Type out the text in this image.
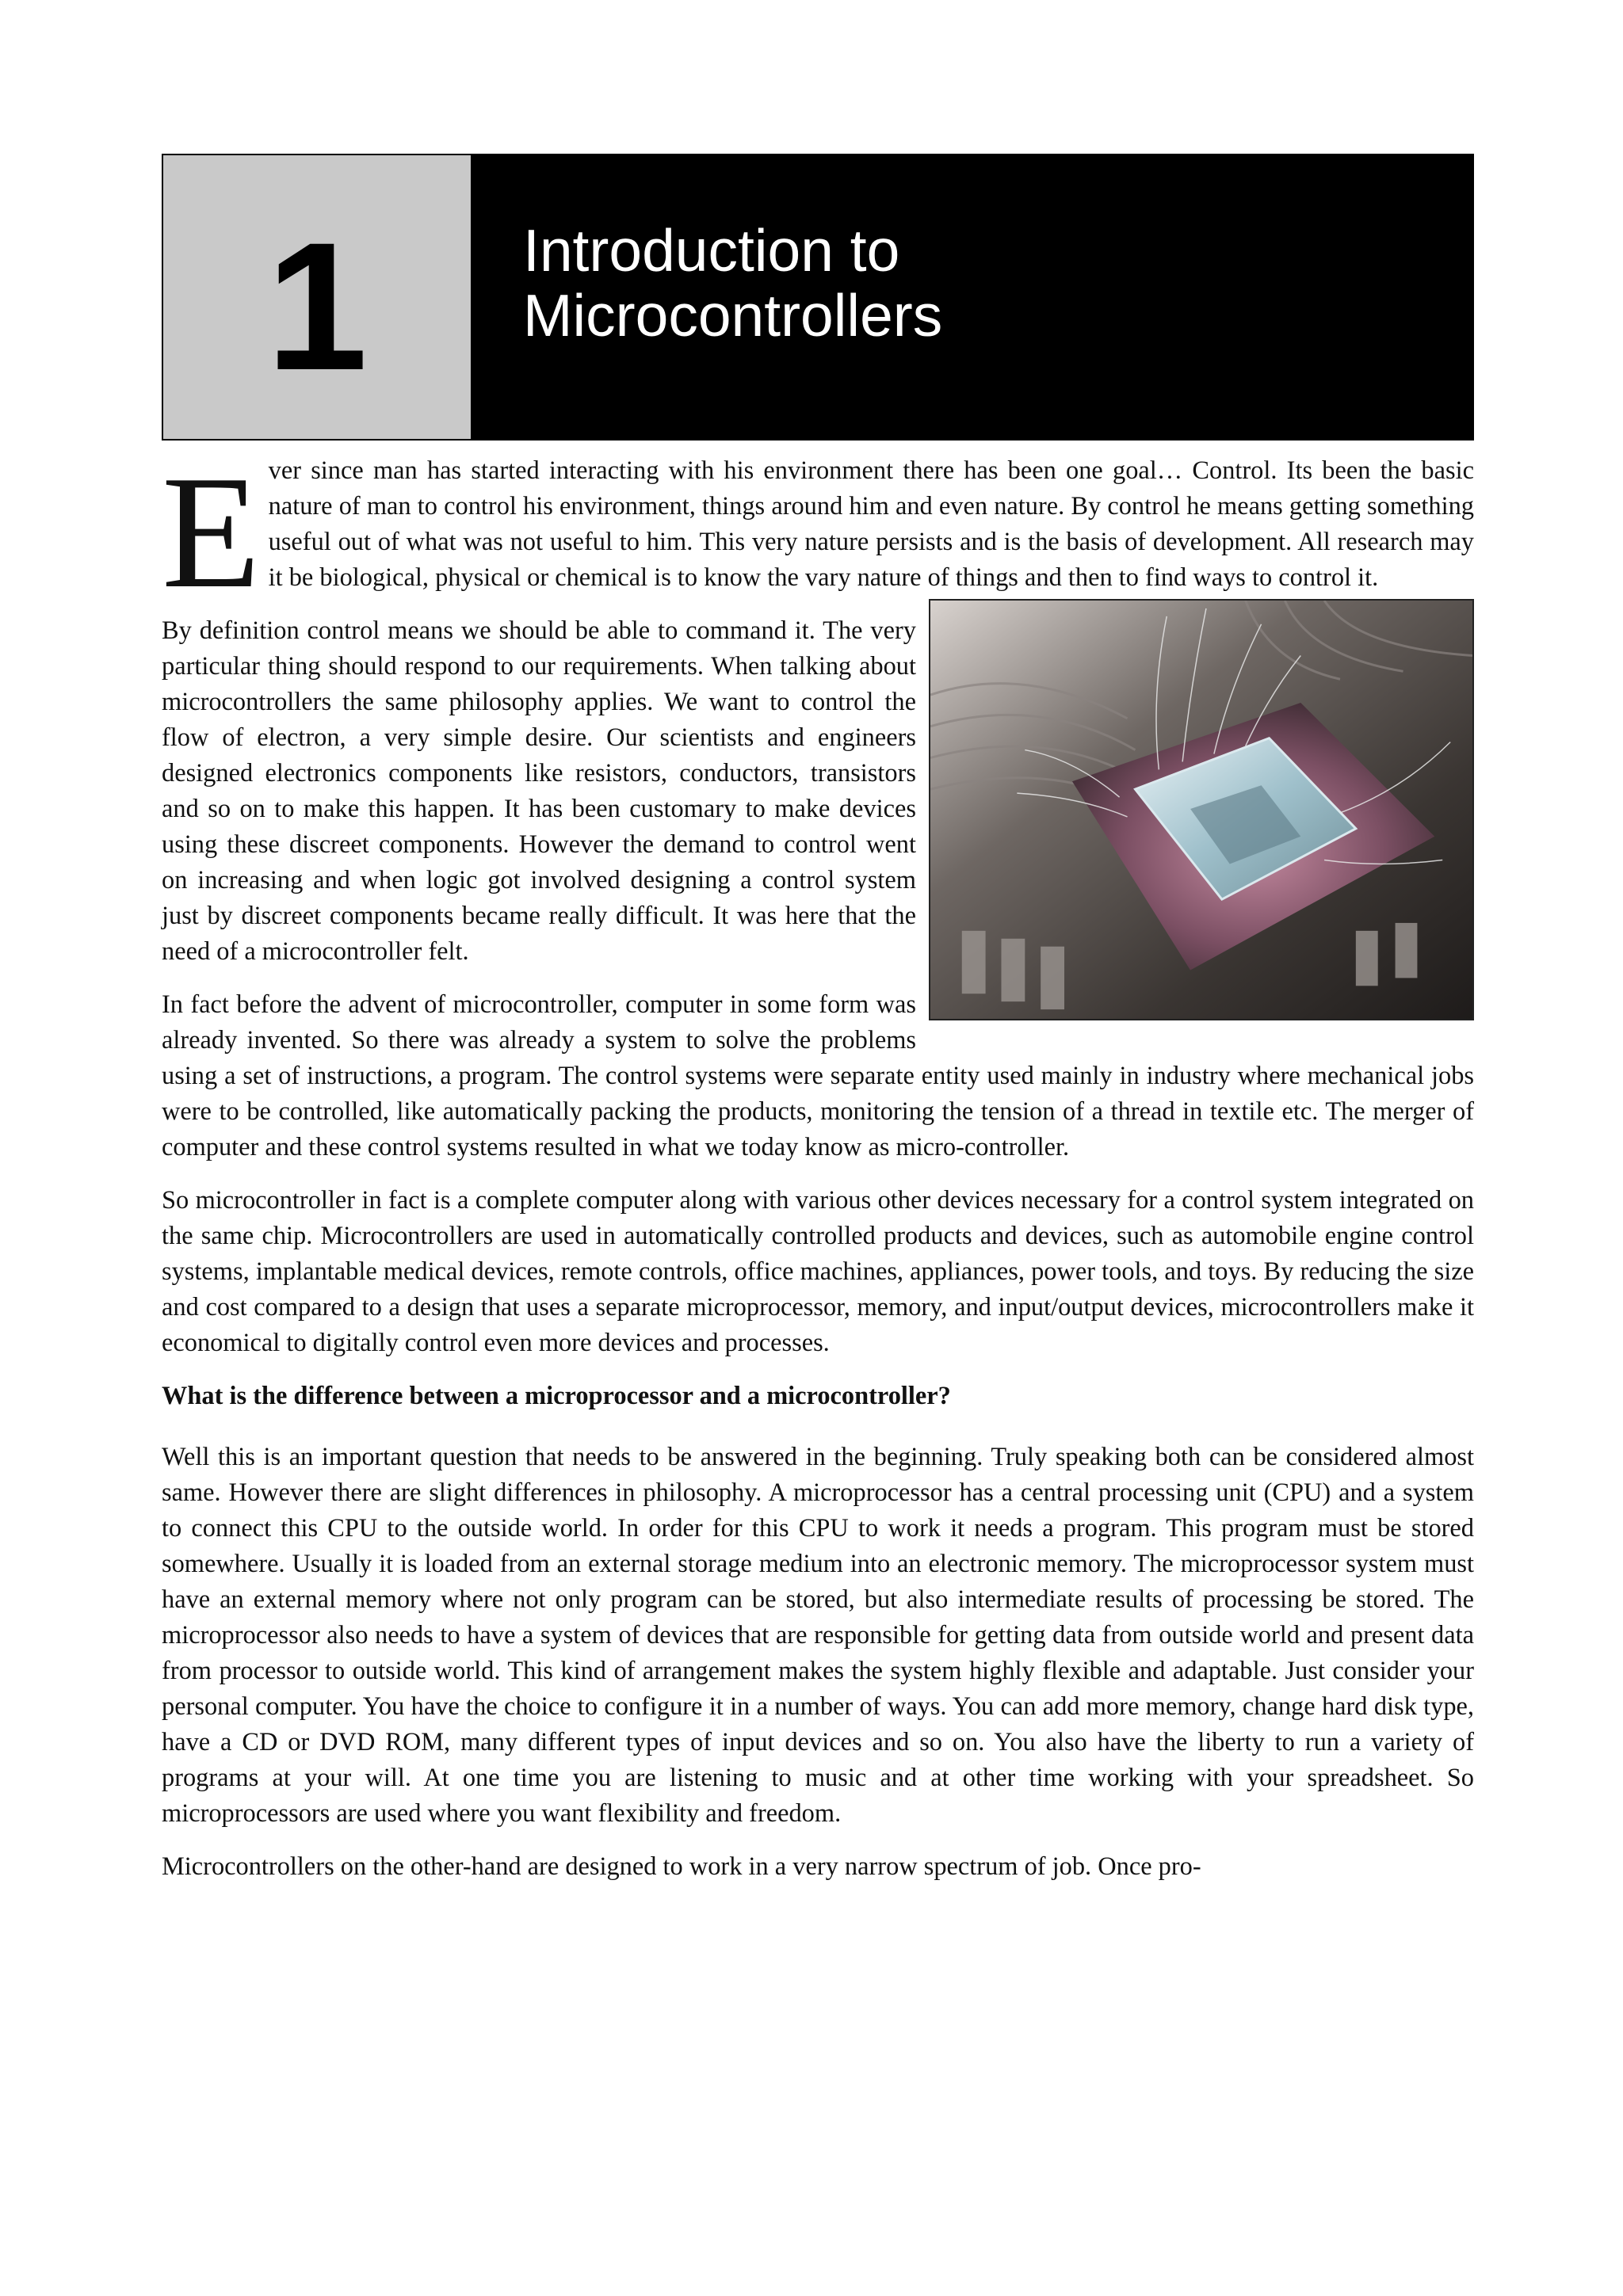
1	Introduction to
Microcontrollers

Ever since man has started interacting with his environment there has been one goal… Control. Its been the basic nature of man to control his environment, things around him and even nature. By control he means getting something useful out of what was not useful to him. This very nature persists and is the basis of development. All research may it be biological, physical or chemical is to know the vary nature of things and then to find ways to control it.

By definition control means we should be able to command it. The very particular thing should respond to our requirements. When talking about microcontrollers the same philosophy applies. We want to control the flow of electron, a very simple desire. Our scientists and engineers designed electronics components like resistors, conductors, transistors and so on to make this happen. It has been customary to make devices using these discreet components. However the demand to control went on increasing and when logic got involved designing a control system just by discreet components became really difficult. It was here that the need of a microcontroller felt.

In fact before the advent of microcontroller, computer in some form was already invented. So there was already a system to solve the problems using a set of instructions, a program. The control systems were separate entity used mainly in industry where mechanical jobs were to be controlled, like automatically packing the products, monitoring the tension of a thread in textile etc. The merger of computer and these control systems resulted in what we today know as micro-controller.

So microcontroller in fact is a complete computer along with various other devices necessary for a control system integrated on the same chip. Microcontrollers are used in automatically controlled products and devices, such as automobile engine control systems, implantable medical devices, remote controls, office machines, appliances, power tools, and toys. By reducing the size and cost compared to a design that uses a separate microprocessor, memory, and input/output devices, microcontrollers make it economical to digitally control even more devices and processes.

What is the difference between a microprocessor and a microcontroller?

Well this is an important question that needs to be answered in the beginning. Truly speaking both can be considered almost same. However there are slight differences in philosophy. A microprocessor has a central processing unit (CPU) and a system to connect this CPU to the outside world. In order for this CPU to work it needs a program. This program must be stored somewhere. Usually it is loaded from an external storage medium into an electronic memory. The microprocessor system must have an external memory where not only program can be stored, but also intermediate results of processing be stored. The microprocessor also needs to have a system of devices that are responsible for getting data from outside world and present data from processor to outside world. This kind of arrangement makes the system highly flexible and adaptable. Just consider your personal computer. You have the choice to configure it in a number of ways. You can add more memory, change hard disk type, have a CD or DVD ROM, many different types of input devices and so on. You also have the liberty to run a variety of programs at your will. At one time you are listening to music and at other time working with your spreadsheet. So microprocessors are used where you want flexibility and freedom.

Microcontrollers on the other-hand are designed to work in a very narrow spectrum of job. Once pro-
